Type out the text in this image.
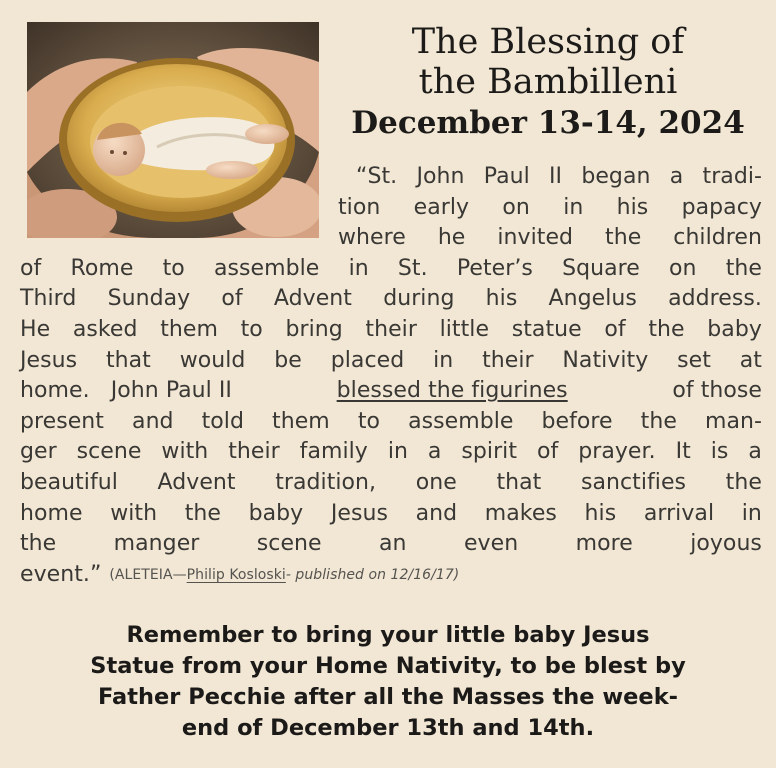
The Blessing of
the Bambilleni
December 13-14, 2024
“St. John Paul II began a tradi-
tion early on in his papacy
where he invited the children
of Rome to assemble in St. Peter’s Square on the
Third Sunday of Advent during his Angelus address.
He asked them to bring their little statue of the baby
Jesus that would be placed in their Nativity set at
home.   John Paul II	blessed the figurines	of those
present and told them to assemble before the man-
ger scene with their family in a spirit of prayer. It is a
beautiful Advent tradition, one that sanctifies the
home with the baby Jesus and makes his arrival in
the	manger	scene	an	even	more	joyous
event.” (ALETEIA—Philip Kosloski- published on 12/16/17)
Remember to bring your little baby Jesus
Statue from your Home Nativity, to be blest by
Father Pecchie after all the Masses the week-
end of December 13th and 14th.
